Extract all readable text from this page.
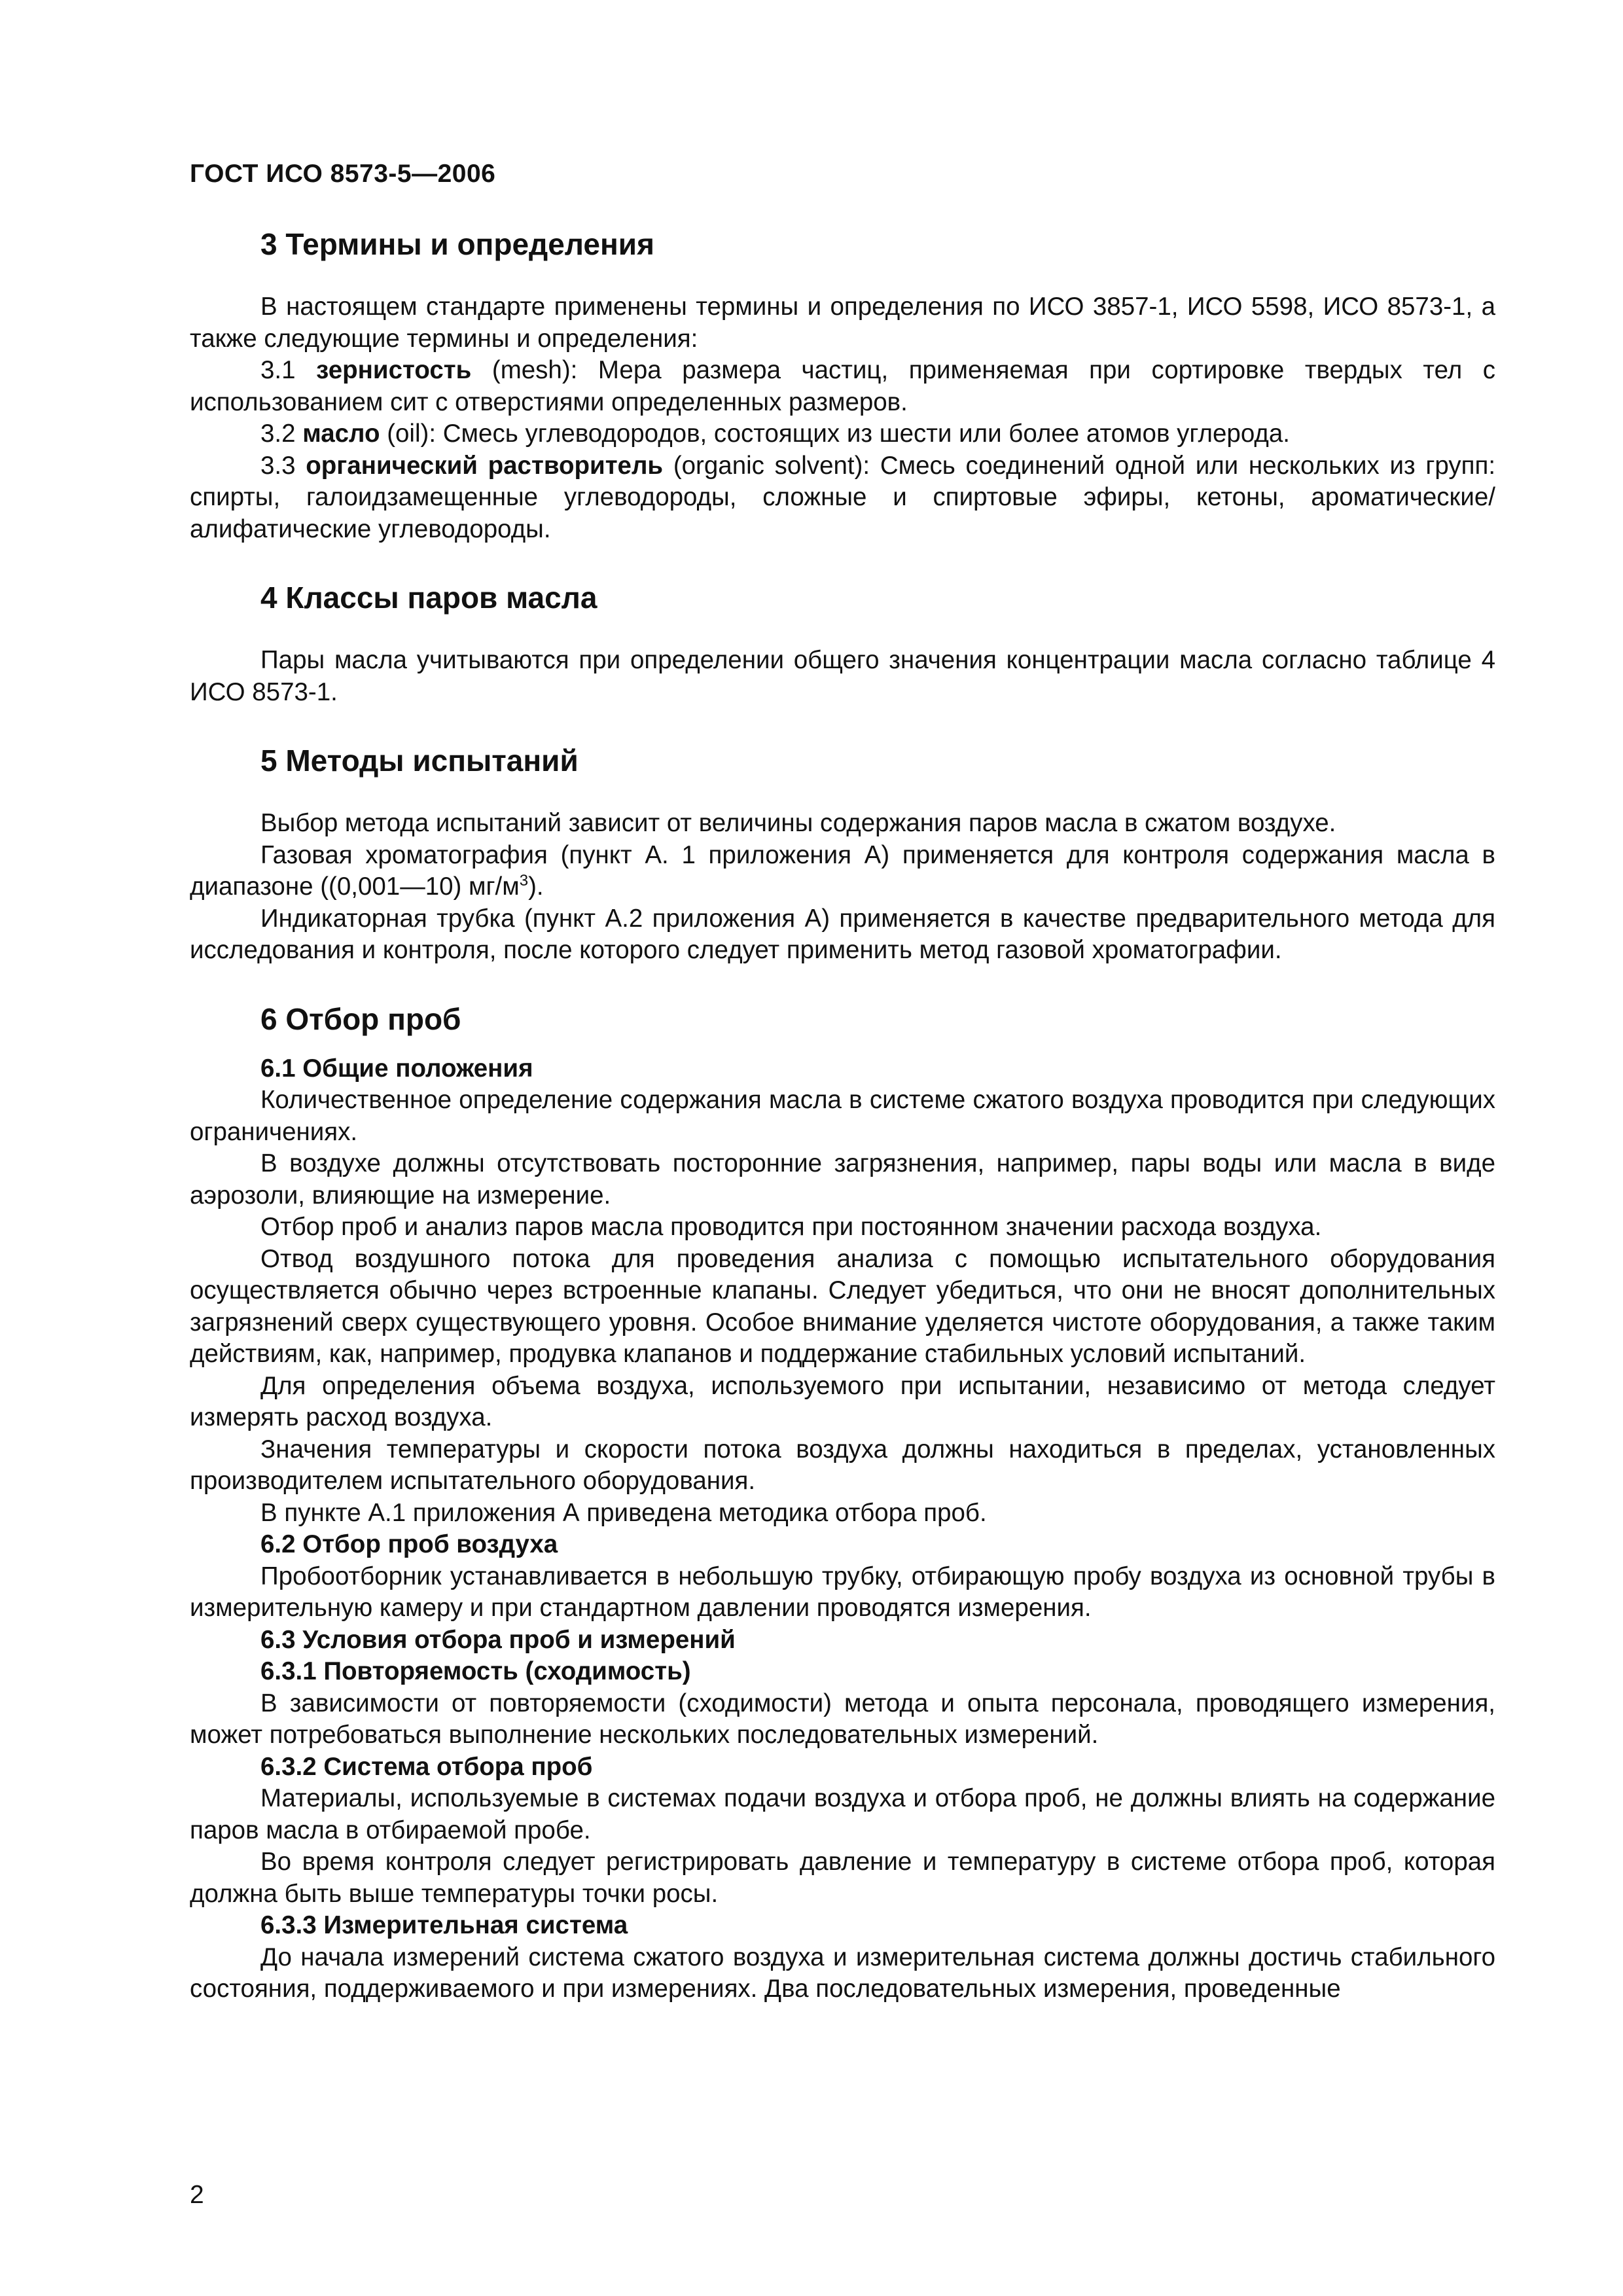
ГОСТ ИСО 8573-5—2006
3 Термины и определения

В настоящем стандарте применены термины и определения по ИСО 3857-1, ИСО 5598, ИСО 8573-1, а также следующие термины и определения:

3.1 зернистость (mesh): Мера размера частиц, применяемая при сортировке твердых тел с использованием сит с отверстиями определенных размеров.

3.2 масло (oil): Смесь углеводородов, состоящих из шести или более атомов углерода.

3.3 органический растворитель (organic solvent): Смесь соединений одной или нескольких из групп: спирты, галоидзамещенные углеводороды, сложные и спиртовые эфиры, кетоны, ароматические/алифатические углеводороды.

4 Классы паров масла

Пары масла учитываются при определении общего значения концентрации масла согласно таблице 4 ИСО 8573-1.

5 Методы испытаний

Выбор метода испытаний зависит от величины содержания паров масла в сжатом воздухе.

Газовая хроматография (пункт А. 1 приложения А) применяется для контроля содержания масла в диапазоне ((0,001—10) $мг/м^3$).

Индикаторная трубка (пункт А.2 приложения А) применяется в качестве предварительного метода для исследования и контроля, после которого следует применить метод газовой хроматографии.

6 Отбор проб
6.1 Общие положения

Количественное определение содержания масла в системе сжатого воздуха проводится при следующих ограничениях.

В воздухе должны отсутствовать посторонние загрязнения, например, пары воды или масла в виде аэрозоли, влияющие на измерение.

Отбор проб и анализ паров масла проводится при постоянном значении расхода воздуха.

Отвод воздушного потока для проведения анализа с помощью испытательного оборудования осуществляется обычно через встроенные клапаны. Следует убедиться, что они не вносят дополнительных загрязнений сверх существующего уровня. Особое внимание уделяется чистоте оборудования, а также таким действиям, как, например, продувка клапанов и поддержание стабильных условий испытаний.

Для определения объема воздуха, используемого при испытании, независимо от метода следует измерять расход воздуха.

Значения температуры и скорости потока воздуха должны находиться в пределах, установленных производителем испытательного оборудования.

В пункте А.1 приложения А приведена методика отбора проб.

6.2 Отбор проб воздуха

Пробоотборник устанавливается в небольшую трубку, отбирающую пробу воздуха из основной трубы в измерительную камеру и при стандартном давлении проводятся измерения.

6.3 Условия отбора проб и измерений
6.3.1 Повторяемость (сходимость)

В зависимости от повторяемости (сходимости) метода и опыта персонала, проводящего измерения, может потребоваться выполнение нескольких последовательных измерений.

6.3.2 Система отбора проб

Материалы, используемые в системах подачи воздуха и отбора проб, не должны влиять на содержание паров масла в отбираемой пробе.

Во время контроля следует регистрировать давление и температуру в системе отбора проб, которая должна быть выше температуры точки росы.

6.3.3 Измерительная система

До начала измерений система сжатого воздуха и измерительная система должны достичь стабильного состояния, поддерживаемого и при измерениях. Два последовательных измерения, проведенные

2
